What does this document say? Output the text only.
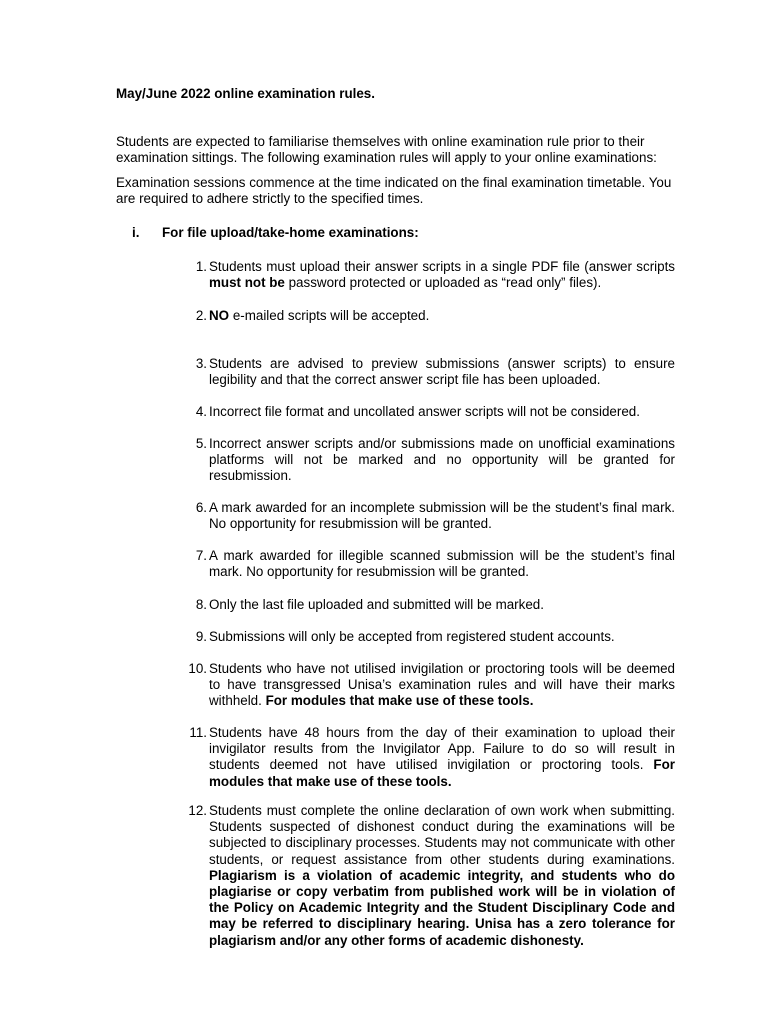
May/June 2022 online examination rules.

Students are expected to familiarise themselves with online examination rule prior to their examination sittings. The following examination rules will apply to your online examinations:

Examination sessions commence at the time indicated on the final examination timetable. You are required to adhere strictly to the specified times.

i. For file upload/take-home examinations:

1. Students must upload their answer scripts in a single PDF file (answer scripts must not be password protected or uploaded as “read only” files).
2. NO e-mailed scripts will be accepted.
3. Students are advised to preview submissions (answer scripts) to ensure legibility and that the correct answer script file has been uploaded.
4. Incorrect file format and uncollated answer scripts will not be considered.
5. Incorrect answer scripts and/or submissions made on unofficial examinations platforms will not be marked and no opportunity will be granted for resubmission.
6. A mark awarded for an incomplete submission will be the student’s final mark. No opportunity for resubmission will be granted.
7. A mark awarded for illegible scanned submission will be the student’s final mark. No opportunity for resubmission will be granted.
8. Only the last file uploaded and submitted will be marked.
9. Submissions will only be accepted from registered student accounts.
10. Students who have not utilised invigilation or proctoring tools will be deemed to have transgressed Unisa’s examination rules and will have their marks withheld. For modules that make use of these tools.
11. Students have 48 hours from the day of their examination to upload their invigilator results from the Invigilator App. Failure to do so will result in students deemed not have utilised invigilation or proctoring tools. For modules that make use of these tools.
12. Students must complete the online declaration of own work when submitting. Students suspected of dishonest conduct during the examinations will be subjected to disciplinary processes. Students may not communicate with other students, or request assistance from other students during examinations. Plagiarism is a violation of academic integrity, and students who do plagiarise or copy verbatim from published work will be in violation of the Policy on Academic Integrity and the Student Disciplinary Code and may be referred to disciplinary hearing. Unisa has a zero tolerance for plagiarism and/or any other forms of academic dishonesty.
